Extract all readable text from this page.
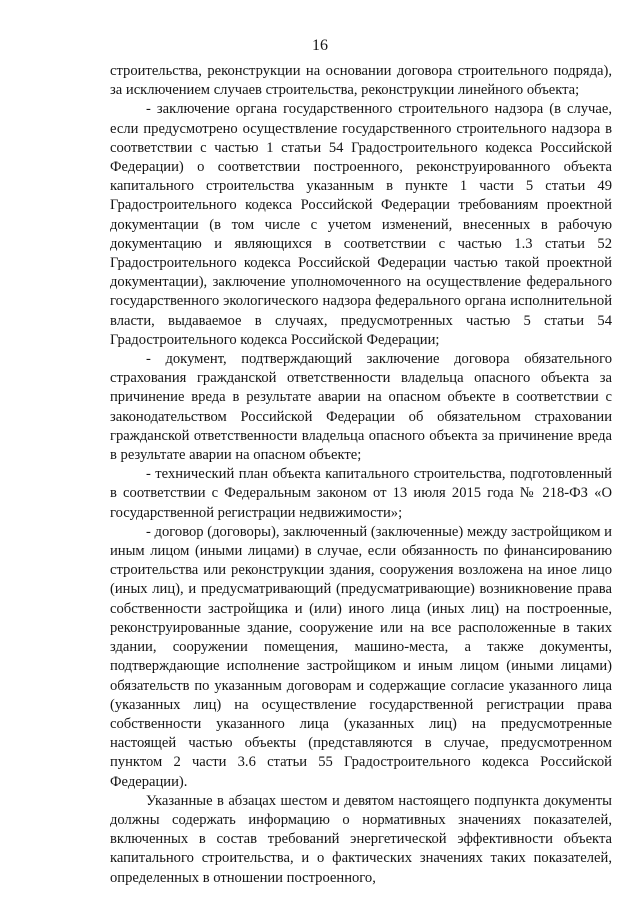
16

строительства, реконструкции на основании договора строительного подряда), за исключением случаев строительства, реконструкции линейного объекта;

- заключение органа государственного строительного надзора (в случае, если предусмотрено осуществление государственного строительного надзора в соответствии с частью 1 статьи 54 Градостроительного кодекса Российской Федерации) о соответствии построенного, реконструированного объекта капитального строительства указанным в пункте 1 части 5 статьи 49 Градостроительного кодекса Российской Федерации требованиям проектной документации (в том числе с учетом изменений, внесенных в рабочую документацию и являющихся в соответствии с частью 1.3 статьи 52 Градостроительного кодекса Российской Федерации частью такой проектной документации), заключение уполномоченного на осуществление федерального государственного экологического надзора федерального органа исполнительной власти, выдаваемое в случаях, предусмотренных частью 5 статьи 54 Градостроительного кодекса Российской Федерации;

- документ, подтверждающий заключение договора обязательного страхования гражданской ответственности владельца опасного объекта за причинение вреда в результате аварии на опасном объекте в соответствии с законодательством Российской Федерации об обязательном страховании гражданской ответственности владельца опасного объекта за причинение вреда в результате аварии на опасном объекте;

- технический план объекта капитального строительства, подготовленный в соответствии с Федеральным законом от 13 июля 2015 года № 218-ФЗ «О государственной регистрации недвижимости»;

- договор (договоры), заключенный (заключенные) между застройщиком и иным лицом (иными лицами) в случае, если обязанность по финансированию строительства или реконструкции здания, сооружения возложена на иное лицо (иных лиц), и предусматривающий (предусматривающие) возникновение права собственности застройщика и (или) иного лица (иных лиц) на построенные, реконструированные здание, сооружение или на все расположенные в таких здании, сооружении помещения, машино-места, а также документы, подтверждающие исполнение застройщиком и иным лицом (иными лицами) обязательств по указанным договорам и содержащие согласие указанного лица (указанных лиц) на осуществление государственной регистрации права собственности указанного лица (указанных лиц) на предусмотренные настоящей частью объекты (представляются в случае, предусмотренном пунктом 2 части 3.6 статьи 55 Градостроительного кодекса Российской Федерации).

Указанные в абзацах шестом и девятом настоящего подпункта документы должны содержать информацию о нормативных значениях показателей, включенных в состав требований энергетической эффективности объекта капитального строительства, и о фактических значениях таких показателей, определенных в отношении построенного,
